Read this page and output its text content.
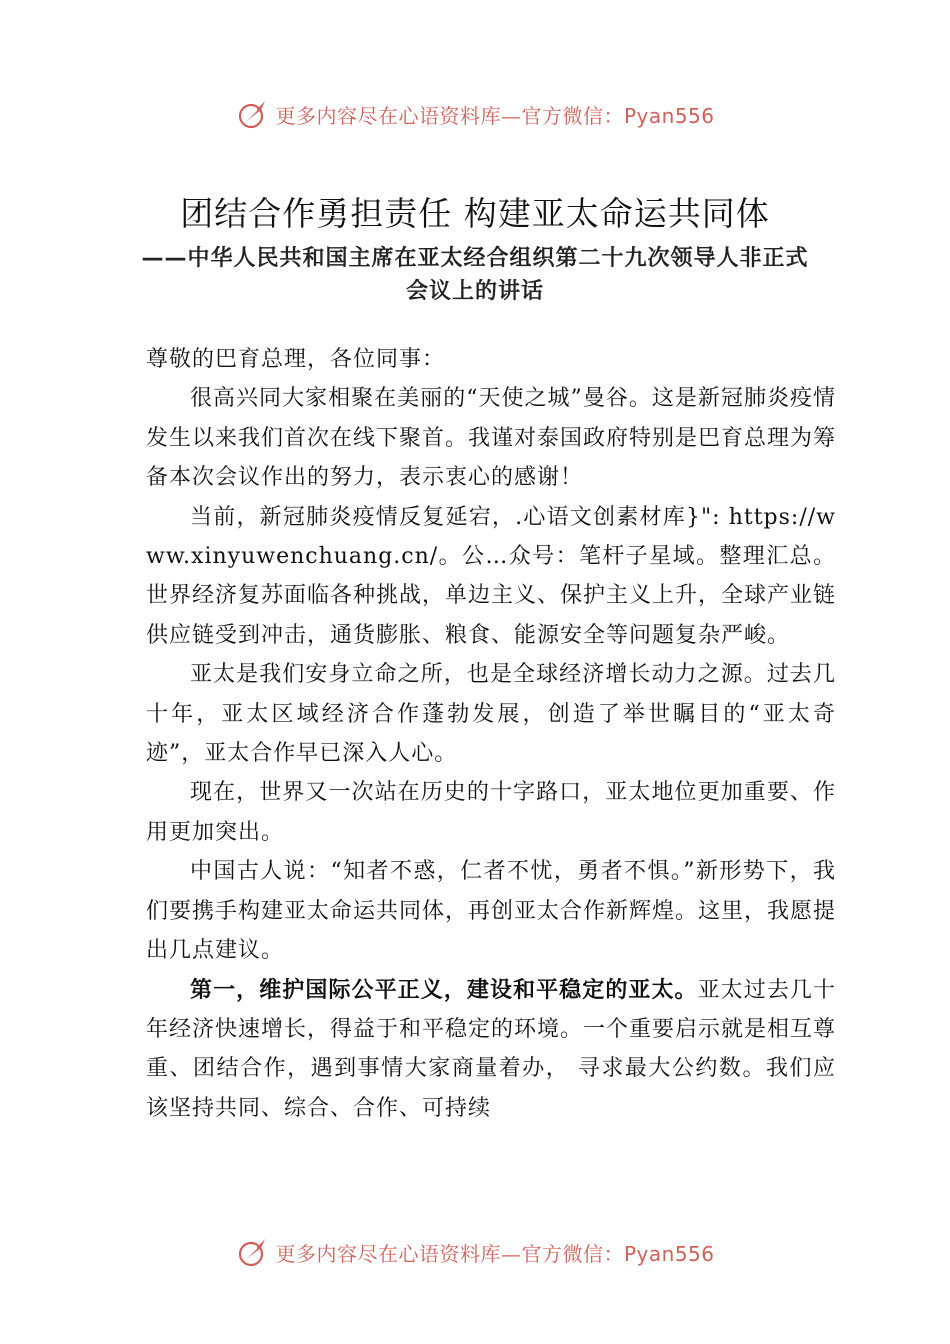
更多内容尽在心语资料库—官方微信：Pyan556
团结合作勇担责任 构建亚太命运共同体
——中华人民共和国主席在亚太经合组织第二十九次领导人非正式会议上的讲话

尊敬的巴育总理，各位同事：

很高兴同大家相聚在美丽的“天使之城”曼谷。这是新冠肺炎疫情发生以来我们首次在线下聚首。我谨对泰国政府特别是巴育总理为筹备本次会议作出的努力，表示衷心的感谢！

当前，新冠肺炎疫情反复延宕，.心语文创素材库}": https://www.xinyuwenchuang.cn/。公…众号：笔杆子星域。整理汇总。世界经济复苏面临各种挑战，单边主义、保护主义上升，全球产业链供应链受到冲击，通货膨胀、粮食、能源安全等问题复杂严峻。

亚太是我们安身立命之所，也是全球经济增长动力之源。过去几十年，亚太区域经济合作蓬勃发展，创造了举世瞩目的“亚太奇迹”，亚太合作早已深入人心。

现在，世界又一次站在历史的十字路口，亚太地位更加重要、作用更加突出。

中国古人说：“知者不惑，仁者不忧，勇者不惧。”新形势下，我们要携手构建亚太命运共同体，再创亚太合作新辉煌。这里，我愿提出几点建议。

第一，维护国际公平正义，建设和平稳定的亚太。亚太过去几十年经济快速增长，得益于和平稳定的环境。一个重要启示就是相互尊重、团结合作，遇到事情大家商量着办， 寻求最大公约数。我们应该坚持共同、综合、合作、可持续

更多内容尽在心语资料库—官方微信：Pyan556
